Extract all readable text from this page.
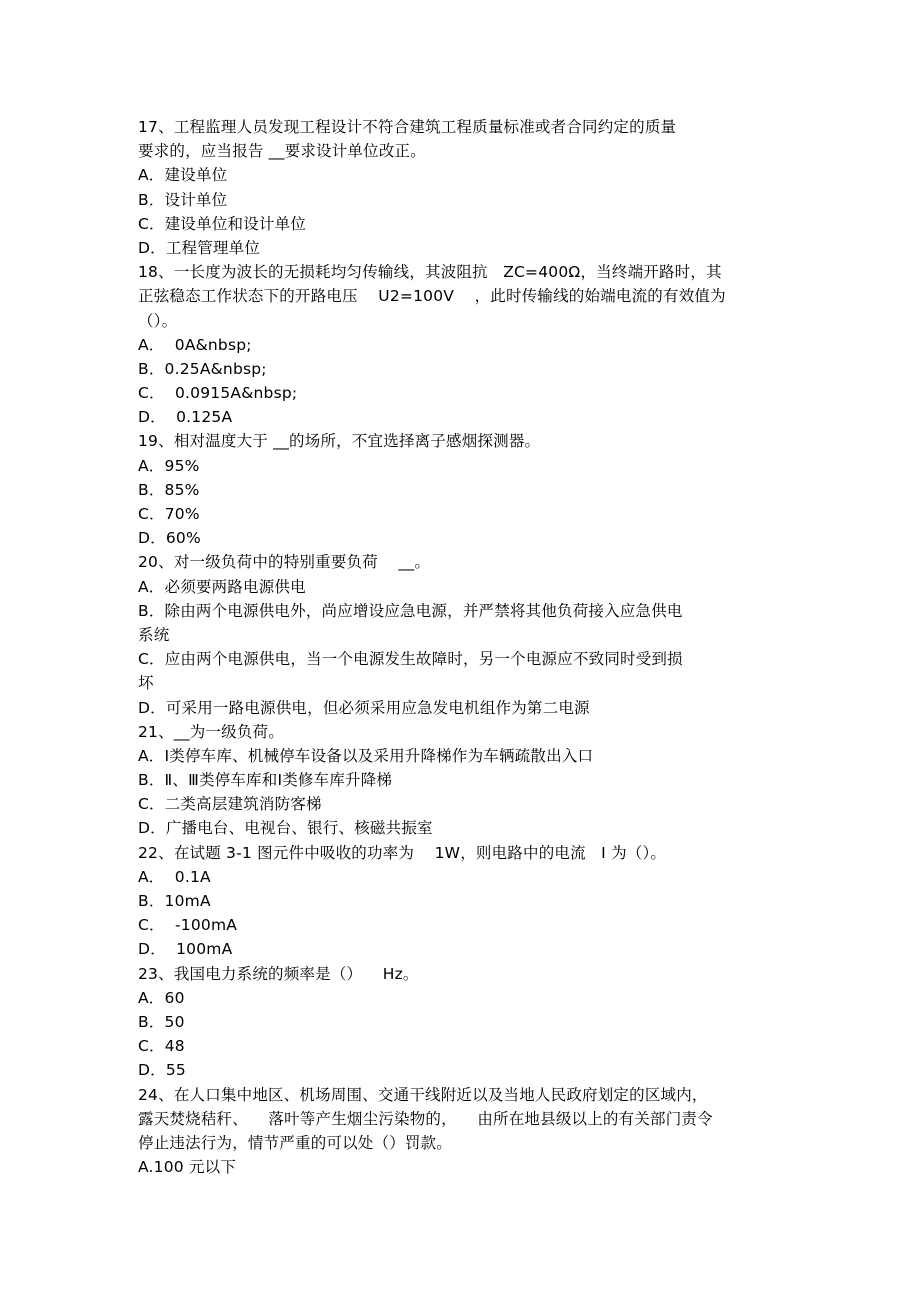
17、工程监理人员发现工程设计不符合建筑工程质量标准或者合同约定的质量
要求的，应当报告 __要求设计单位改正。
A．建设单位
B．设计单位
C．建设单位和设计单位
D．工程管理单位
18、一长度为波长的无损耗均匀传输线，其波阻抗   ZC=400Ω，当终端开路时，其
正弦稳态工作状态下的开路电压    U2=100V    ，此时传输线的始端电流的有效值为
（）。
A．  0A&nbsp;
B．0.25A&nbsp;
C．  0.0915A&nbsp;
D．  0.125A
19、相对温度大于 __的场所，不宜选择离子感烟探测器。
A．95%
B．85%
C．70%
D．60%
20、对一级负荷中的特别重要负荷    __。
A．必须要两路电源供电
B．除由两个电源供电外，尚应增设应急电源，并严禁将其他负荷接入应急供电
系统
C．应由两个电源供电，当一个电源发生故障时，另一个电源应不致同时受到损
坏
D．可采用一路电源供电，但必须采用应急发电机组作为第二电源
21、__为一级负荷。
A．Ⅰ类停车库、机械停车设备以及采用升降梯作为车辆疏散出入口
B．Ⅱ、Ⅲ类停车库和Ⅰ类修车库升降梯
C．二类高层建筑消防客梯
D．广播电台、电视台、银行、核磁共振室
22、在试题 3-1 图元件中吸收的功率为    1W，则电路中的电流   I 为（）。
A．  0.1A
B．10mA
C．  -100mA
D．  100mA
23、我国电力系统的频率是（）    Hz。
A．60
B．50
C．48
D．55
24、在人口集中地区、机场周围、交通干线附近以及当地人民政府划定的区域内，
露天焚烧秸秆、    落叶等产生烟尘污染物的，    由所在地县级以上的有关部门责令
停止违法行为，情节严重的可以处（）罚款。
A.100 元以下
